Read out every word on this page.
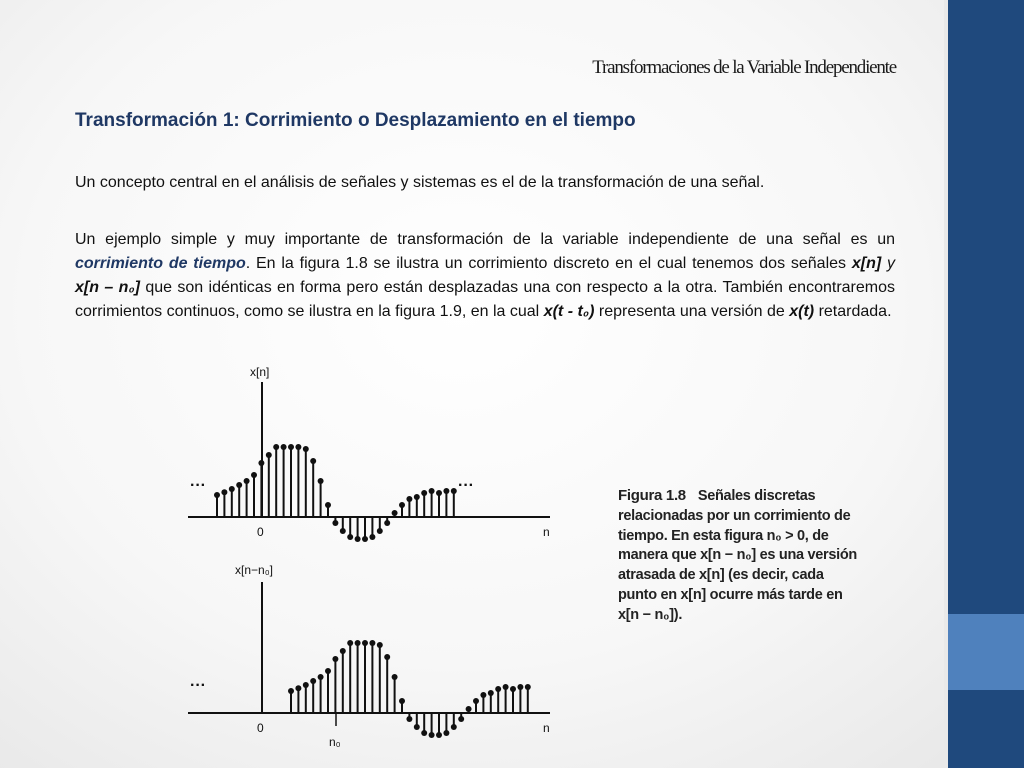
Transformaciones de la Variable Independiente
Transformación 1: Corrimiento o Desplazamiento en el tiempo
Un concepto central en el análisis de señales y sistemas es el de la transformación de una señal.
Un ejemplo simple y muy importante de transformación de la variable independiente de una señal es un corrimiento de tiempo. En la figura 1.8 se ilustra un corrimiento discreto en el cual tenemos dos señales x[n] y x[n – n₀] que son idénticas en forma pero están desplazadas una con respecto a la otra. También encontraremos corrimientos continuos, como se ilustra en la figura 1.9, en la cual x(t - t₀) representa una versión de x(t) retardada.
x[n]
0	n
···	···
x[n−n₀]
0
n₀
n
···
Figura 1.8 Señales discretas relacionadas por un corrimiento de tiempo. En esta figura n₀ > 0, de manera que x[n − n₀] es una versión atrasada de x[n] (es decir, cada punto en x[n] ocurre más tarde en x[n − n₀]).
